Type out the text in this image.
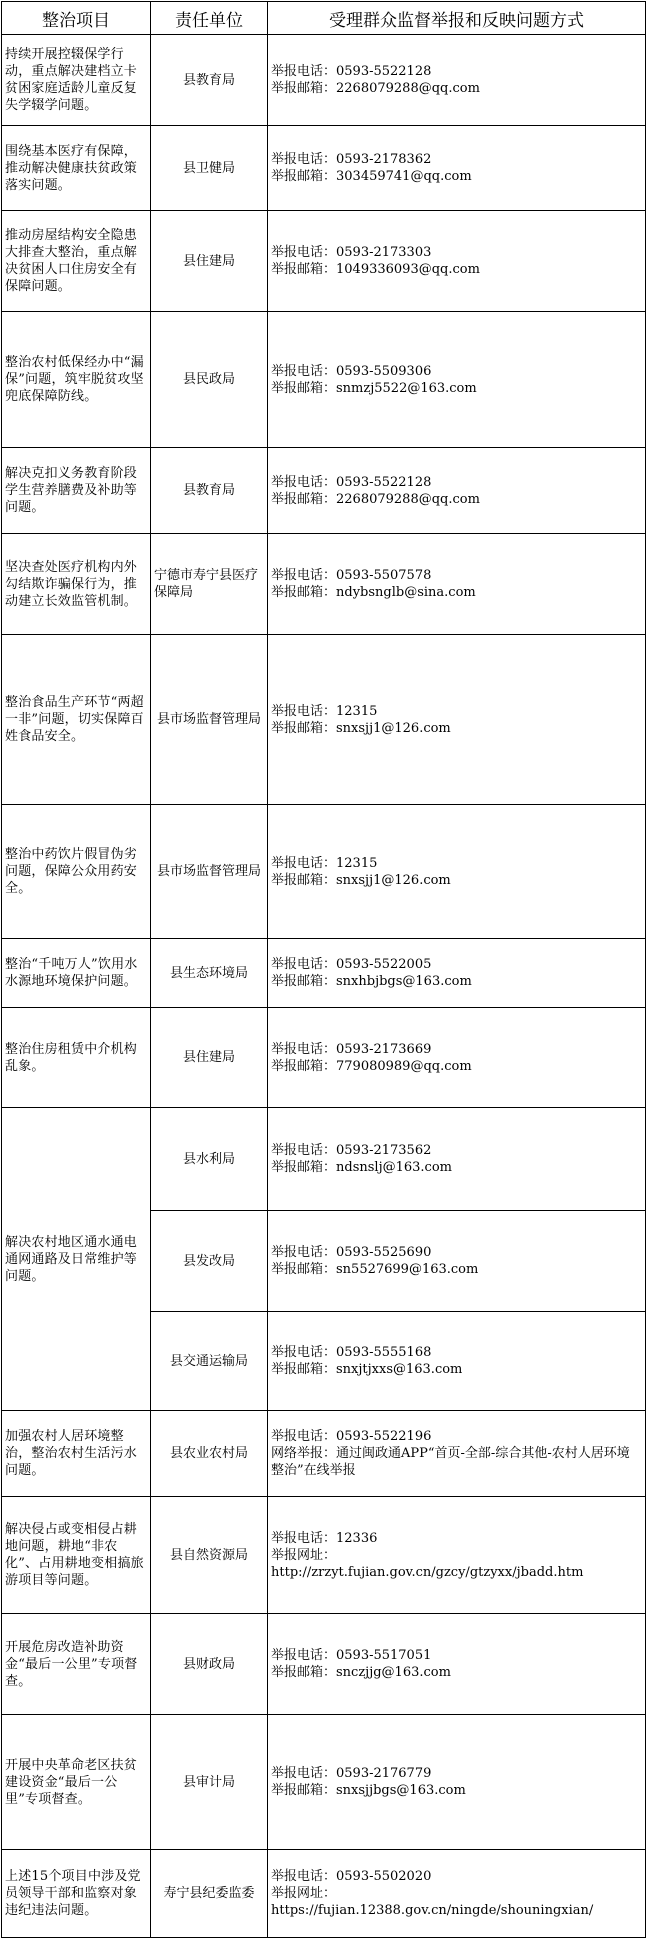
整治项目	责任单位	受理群众监督举报和反映问题方式
持续开展控辍保学行动，重点解决建档立卡贫困家庭适龄儿童反复失学辍学问题。	县教育局	举报电话：0593-5522128
举报邮箱：2268079288@qq.com

围绕基本医疗有保障，推动解决健康扶贫政策落实问题。	县卫健局	举报电话：0593-2178362
举报邮箱：303459741@qq.com

推动房屋结构安全隐患大排查大整治，重点解决贫困人口住房安全有保障问题。	县住建局	举报电话：0593-2173303
举报邮箱：1049336093@qq.com

整治农村低保经办中“漏保”问题，筑牢脱贫攻坚兜底保障防线。	县民政局	举报电话：0593-5509306
举报邮箱：snmzj5522@163.com

解决克扣义务教育阶段学生营养膳费及补助等问题。	县教育局	举报电话：0593-5522128
举报邮箱：2268079288@qq.com

坚决查处医疗机构内外勾结欺诈骗保行为，推动建立长效监管机制。	宁德市寿宁县医疗保障局	举报电话：0593-5507578
举报邮箱：ndybsnglb@sina.com

整治食品生产环节“两超一非”问题，切实保障百姓食品安全。	县市场监督管理局	举报电话：12315
举报邮箱：snxsjj1@126.com

整治中药饮片假冒伪劣问题，保障公众用药安全。	县市场监督管理局	举报电话：12315
举报邮箱：snxsjj1@126.com

整治“千吨万人”饮用水水源地环境保护问题。	县生态环境局	举报电话：0593-5522005
举报邮箱：snxhbjbgs@163.com

整治住房租赁中介机构乱象。	县住建局	举报电话：0593-2173669
举报邮箱：779080989@qq.com

解决农村地区通水通电通网通路及日常维护等问题。	县水利局	举报电话：0593-2173562
举报邮箱：ndsnslj@163.com

	县发改局	举报电话：0593-5525690
举报邮箱：sn5527699@163.com

	县交通运输局	举报电话：0593-5555168
举报邮箱：snxjtjxxs@163.com

加强农村人居环境整治，整治农村生活污水问题。	县农业农村局	举报电话：0593-5522196
网络举报：通过闽政通APP“首页-全部-综合其他-农村人居环境整治”在线举报

解决侵占或变相侵占耕地问题，耕地“非农化”、占用耕地变相搞旅游项目等问题。	县自然资源局	举报电话：12336
举报网址：
http://zrzyt.fujian.gov.cn/gzcy/gtzyxx/jbadd.htm

开展危房改造补助资金“最后一公里”专项督查。	县财政局	举报电话：0593-5517051
举报邮箱：snczjjg@163.com

开展中央革命老区扶贫建设资金“最后一公里”专项督查。	县审计局	举报电话：0593-2176779
举报邮箱：snxsjjbgs@163.com

上述15个项目中涉及党员领导干部和监察对象违纪违法问题。	寿宁县纪委监委	举报电话：0593-5502020
举报网址：
https://fujian.12388.gov.cn/ningde/shouningxian/
